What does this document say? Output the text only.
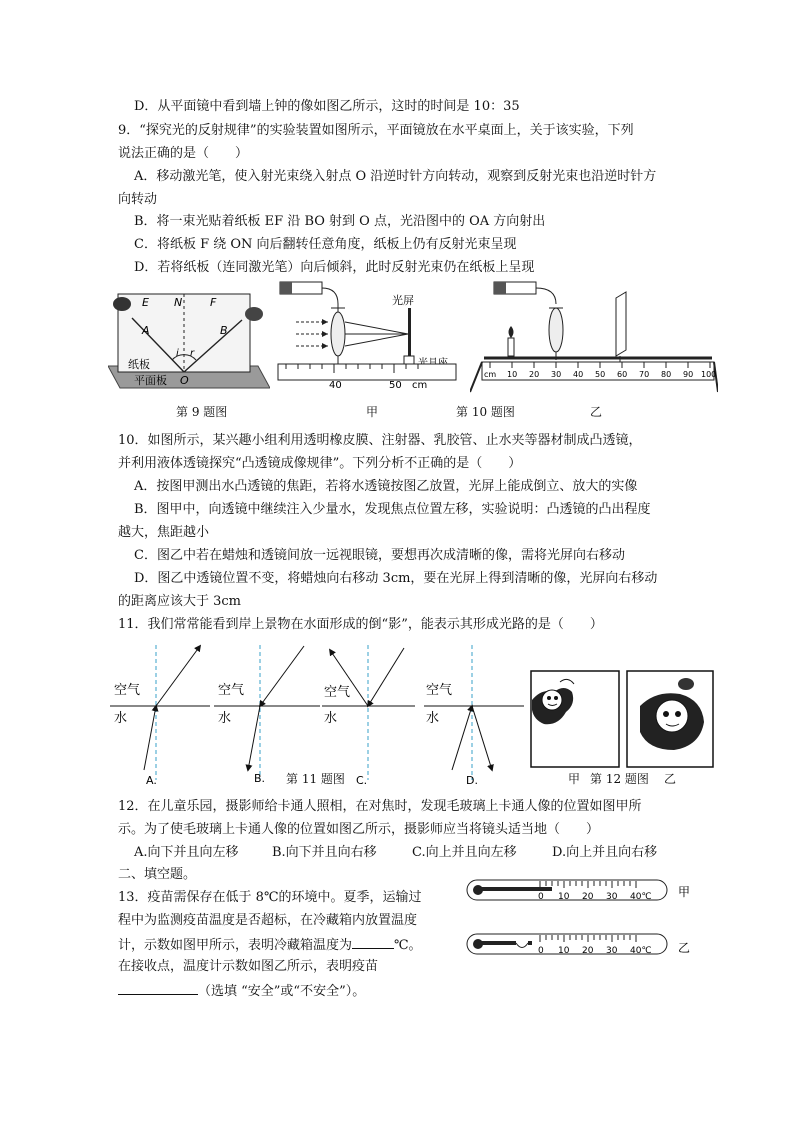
D．从平面镜中看到墙上钟的像如图乙所示，这时的时间是 10：35
9．“探究光的反射规律”的实验装置如图所示，平面镜放在水平桌面上，关于该实验，下列
说法正确的是（　　）
A．移动激光笔，使入射光束绕入射点 O 沿逆时针方向转动，观察到反射光束也沿逆时针方
向转动
B．将一束光贴着纸板 EF 沿 BO 射到 O 点，光沿图中的 OA 方向射出
C．将纸板 F 绕 ON 向后翻转任意角度，纸板上仍有反射光束呈现
D．若将纸板（连同激光笔）向后倾斜，此时反射光束仍在纸板上呈现
E N	F
A	B
i r
O
纸板
平面板
光屏
40	50 cm
cm 10 20 30 40 50 60 70 80 90 100
第 9 题图	甲	第 10 题图	乙
10．如图所示，某兴趣小组利用透明橡皮膜、注射器、乳胶管、止水夹等器材制成凸透镜，
并利用液体透镜探究“凸透镜成像规律”。下列分析不正确的是（　　）
A．按图甲测出水凸透镜的焦距，若将水透镜按图乙放置，光屏上能成倒立、放大的实像
B．图甲中，向透镜中继续注入少量水，发现焦点位置左移，实验说明：凸透镜的凸出程度
越大，焦距越小
C．图乙中若在蜡烛和透镜间放一远视眼镜，要想再次成清晰的像，需将光屏向右移动
D．图乙中透镜位置不变，将蜡烛向右移动 3cm，要在光屏上得到清晰的像，光屏向右移动
的距离应该大于 3cm
11．我们常常能看到岸上景物在水面形成的倒“影”，能表示其形成光路的是（　　）
空气
水
A.
空气
水
B.
空气
水
C.
空气
水
D.
第 11 题图	甲 第 12 题图 乙
12．在儿童乐园，摄影师给卡通人照相，在对焦时，发现毛玻璃上卡通人像的位置如图甲所
示。为了使毛玻璃上卡通人像的位置如图乙所示，摄影师应当将镜头适当地（　　）
A.向下并且向左移	B.向下并且向右移	C.向上并且向左移	D.向上并且向右移
二、填空题。
13．疫苗需保存在低于 8℃的环境中。夏季，运输过
程中为监测疫苗温度是否超标，在冷藏箱内放置温度
计，示数如图甲所示，表明冷藏箱温度为	℃。
在接收点，温度计示数如图乙所示，表明疫苗
（选填 “安全”或“不安全”）。
0 10 20 30 40℃ 甲
0 10 20 30 40℃ 乙
